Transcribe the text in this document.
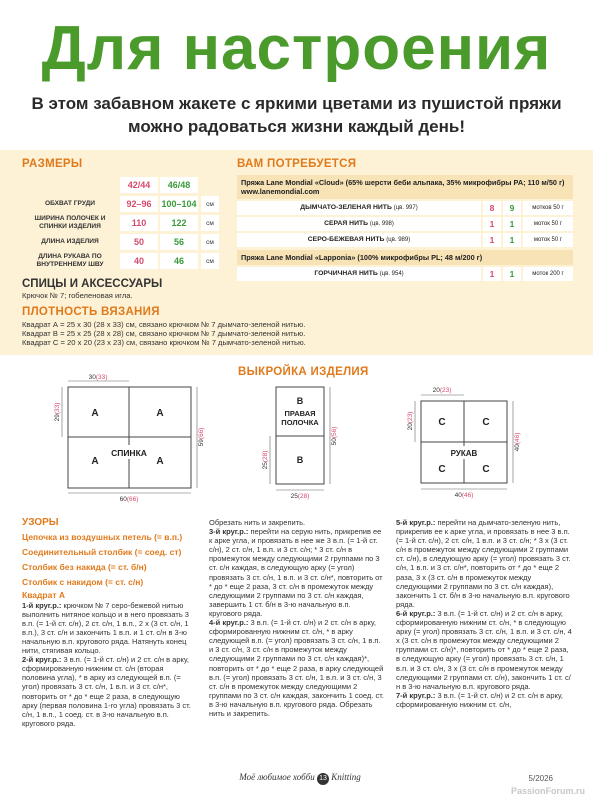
Для настроения
В этом забавном жакете с яркими цветами из пушистой пряжи
можно радоваться жизни каждый день!
РАЗМЕРЫ
42/44	46/48
ОБХВАТ ГРУДИ	92–96	100–104	см
ШИРИНА ПОЛОЧЕК И СПИНКИ ИЗДЕЛИЯ	110	122	см
ДЛИНА ИЗДЕЛИЯ	50	56	см
ДЛИНА РУКАВА ПО ВНУТРЕННЕМУ ШВУ	40	46	см
ВАМ ПОТРЕБУЕТСЯ
Пряжа Lane Mondial «Cloud» (65% шерсти беби альпака, 35% микрофибры PA; 110 м/50 г)
www.lanemondial.com
ДЫМЧАТО-ЗЕЛЕНАЯ НИТЬ (цв. 997)	8	9	мотков 50 г
СЕРАЯ НИТЬ (цв. 998)	1	1	моток 50 г
СЕРО-БЕЖЕВАЯ НИТЬ (цв. 989)	1	1	моток 50 г
Пряжа Lane Mondial «Lapponia» (100% микрофибры PL; 48 м/200 г)
ГОРЧИЧНАЯ НИТЬ (цв. 954)	1	1	моток 200 г
СПИЦЫ И АКСЕССУАРЫ
Крючок № 7; гобеленовая игла.
ПЛОТНОСТЬ ВЯЗАНИЯ
Квадрат А = 25 x 30 (28 x 33) см, связано крючком № 7 дымчато-зеленой нитью.
Квадрат В = 25 x 25 (28 x 28) см, связано крючком № 7 дымчато-зеленой нитью.
Квадрат С = 20 x 20 (23 x 23) см, связано крючком № 7 дымчато-зеленой нитью.
ВЫКРОЙКА ИЗДЕЛИЯ
СПИНКА
А	А
А	А
30(33)
29(33)
59(66)
60(66)
В
ПРАВАЯ
ПОЛОЧКА
В
25(28)
50(56)
25(28)
РУКАВ
С	С
С	С
20(23)
20(23)
40(46)
40(46)
УЗОРЫ
Цепочка из воздушных петель (= в.п.)
Соединительный столбик (= соед. ст)
Столбик без накида (= ст. б/н)
Столбик с накидом (= ст. с/н)
Квадрат А

1-й круг.р.: крючком № 7 серо-бежевой нитью выполнить нитяное кольцо и в него провязать 3 в.п. (= 1-й ст. с/н), 2 ст. с/н, 1 в.п., 2 х (3 ст. с/н, 1 в.п.), 3 ст. с/н и закончить 1 в.п. и 1 ст. с/н в 3-ю начальную в.п. кругового ряда. Натянуть конец нити, стягивая кольцо.

2-й круг.р.: 3 в.п. (= 1-й ст. с/н) и 2 ст. с/н в арку, сформированную нижним ст. с/н (вторая половина угла), * в арку из следующей в.п. (= угол) провязать 3 ст. с/н, 1 в.п. и 3 ст. с/н*, повторить от * до * еще 2 раза, в следующую арку (первая половина 1-го угла) провязать 3 ст. с/н, 1 в.п., 1 соед. ст. в 3-ю начальную в.п. кругового ряда.

Обрезать нить и закрепить.

3-й круг.р.: перейти на серую нить, прикрепив ее к арке угла, и провязать в нее же 3 в.п. (= 1-й ст. с/н), 2 ст. с/н, 1 в.п. и 3 ст. с/н; * 3 ст. с/н в промежуток между следующими 2 группами по 3 ст. с/н каждая, в следующую арку (= угол) провязать 3 ст. с/н, 1 в.п. и 3 ст. с/н*, повторить от * до * еще 2 раза, 3 ст. с/н в промежуток между следующими 2 группами по 3 ст. с/н каждая, завершить 1 ст. б/н в 3-ю начальную в.п. кругового ряда.

4-й круг.р.: 3 в.п. (= 1-й ст. с/н) и 2 ст. с/н в арку, сформированную нижним ст. с/н, * в арку следующей в.п. (= угол) провязать 3 ст. с/н, 1 в.п. и 3 ст. с/н, 3 ст. с/н в промежуток между следующими 2 группами по 3 ст. с/н каждая)*, повторить от * до * еще 2 раза, в арку следующей в.п. (= угол) провязать 3 ст. с/н, 1 в.п. и 3 ст. с/н, 3 ст. с/н в промежуток между следующими 2 группами по 3 ст. с/н каждая, закончить 1 соед. ст. в 3-ю начальную в.п. кругового ряда. Обрезать нить и закрепить.

5-й круг.р.: перейти на дымчато-зеленую нить, прикрепив ее к арке угла, и провязать в нее 3 в.п. (= 1-й ст. с/н), 2 ст. с/н, 1 в.п. и 3 ст. с/н; * 3 х (3 ст. с/н в промежуток между следующими 2 группами ст. с/н), в следующую арку (= угол) провязать 3 ст. с/н, 1 в.п. и 3 ст. с/н*, повторить от * до * еще 2 раза, 3 х (3 ст. с/н в промежуток между следующими 2 группами по 3 ст. с/н каждая), закончить 1 ст. б/н в 3-ю начальную в.п. кругового ряда.

6-й круг.р.: 3 в.п. (= 1-й ст. с/н) и 2 ст. с/н в арку, сформированную нижним ст. с/н, * в следующую арку (= угол) провязать 3 ст. с/н, 1 в.п. и 3 ст. с/н, 4 х (3 ст. с/н в промежуток между следующими 2 группами ст. с/н)*, повторить от * до * еще 2 раза, в следующую арку (= угол) провязать 3 ст. с/н, 1 в.п. и 3 ст. с/н, 3 х (3 ст. с/н в промежуток между следующими 2 группами ст. с/н), закончить 1 ст. с/н в 3-ю начальную в.п. кругового ряда.

7-й круг.р.: 3 в.п. (= 1-й ст. с/н) и 2 ст. с/н в арку, сформированную нижним ст. с/н,

Моё любимое хобби 13 Knitting	5/2026
PassionForum.ru
